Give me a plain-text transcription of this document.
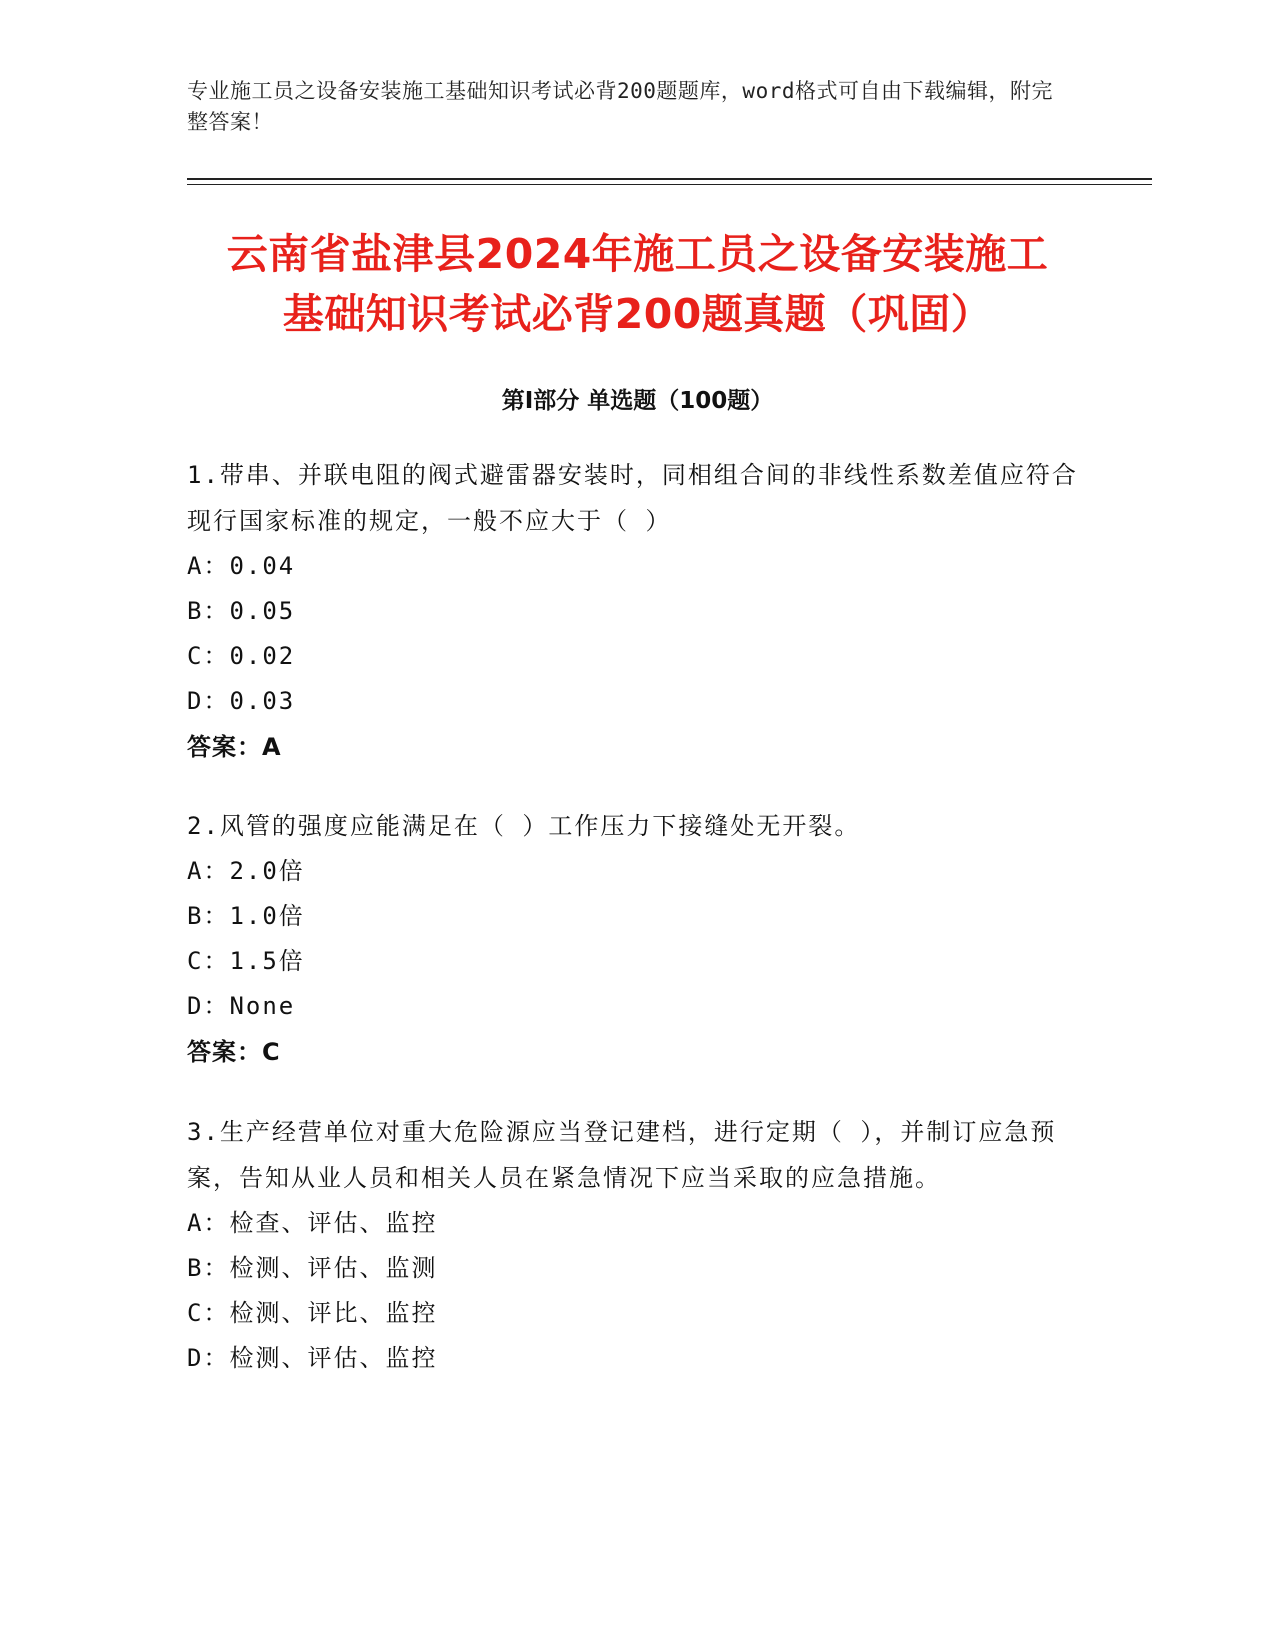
专业施工员之设备安装施工基础知识考试必背200题题库，word格式可自由下载编辑，附完整答案！
云南省盐津县2024年施工员之设备安装施工
基础知识考试必背200题真题（巩固）
第I部分 单选题（100题）
1.带串、并联电阻的阀式避雷器安装时，同相组合间的非线性系数差值应符合现行国家标准的规定，一般不应大于（ ）
A：0.04
B：0.05
C：0.02
D：0.03
答案：A
2.风管的强度应能满足在（ ）工作压力下接缝处无开裂。
A：2.0倍
B：1.0倍
C：1.5倍
D：None
答案：C
3.生产经营单位对重大危险源应当登记建档，进行定期（ ），并制订应急预案，告知从业人员和相关人员在紧急情况下应当采取的应急措施。
A：检查、评估、监控
B：检测、评估、监测
C：检测、评比、监控
D：检测、评估、监控
